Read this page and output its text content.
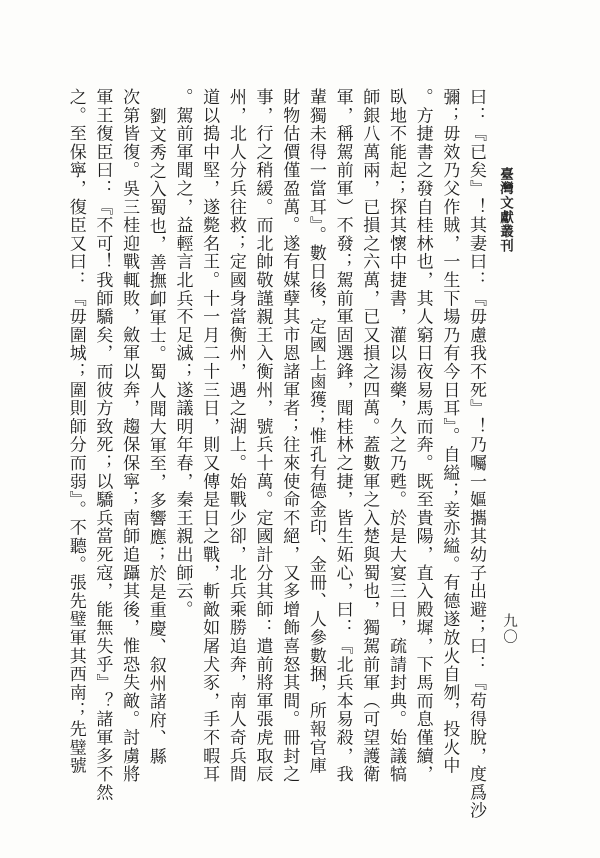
臺灣文獻叢刊
九〇
曰：『已矣』！其妻曰：『毋慮我不死』！乃囑一嫗攜其幼子出避；曰：『苟得脫，度爲沙
彌；毋效乃父作賊，一生下場乃有今日耳』。自縊；妾亦縊。有德遂放火自刎，投火中
。方捷書之發自桂林也，其人窮日夜易馬而奔。既至貴陽，直入殿墀，下馬而息僅續，
臥地不能起；探其懷中捷書，灌以湯藥，久之乃甦。於是大宴三日，疏請封典。始議犒
師銀八萬兩，已損之六萬，已又損之四萬。蓋數軍之入楚與蜀也，獨駕前軍（可望護衛
軍，稱駕前軍）不發；駕前軍固選鋒，聞桂林之捷，皆生妬心，曰：『北兵本易殺，我
輩獨未得一當耳』。數日後，定國上鹵獲；惟孔有德金印、金冊、人參數捆，所報官庫
財物估價僅盈萬。遂有媒孽其市恩諸軍者；往來使命不絕，又多增飾喜怒其間。冊封之
事，行之稍緩。而北帥敬謹親王入衡州，號兵十萬。定國計分其師：遣前將軍張虎取辰
州，北人分兵往救；定國身當衡州，遇之湖上。始戰少卻，北兵乘勝追奔，南人奇兵間
道以搗中堅，遂斃名王。十一月二十三日，則又傳是日之戰，斬敵如屠犬豕，手不暇耳
。駕前軍聞之，益輕言北兵不足滅；遂議明年春，秦王親出師云。
劉文秀之入蜀也，善撫卹軍士。蜀人聞大軍至，多響應；於是重慶、叙州諸府、縣
次第皆復。吳三桂迎戰輒敗，斂軍以奔，趨保保寧；南師追躡其後，惟恐失敵。討虜將
軍王復臣曰：『不可！我師驕矣，而彼方致死；以驕兵當死寇，能無失乎』？諸軍多不然
之。至保寧，復臣又曰：『毋圍城；圍則師分而弱』。不聽。張先璧軍其西南；先璧號
